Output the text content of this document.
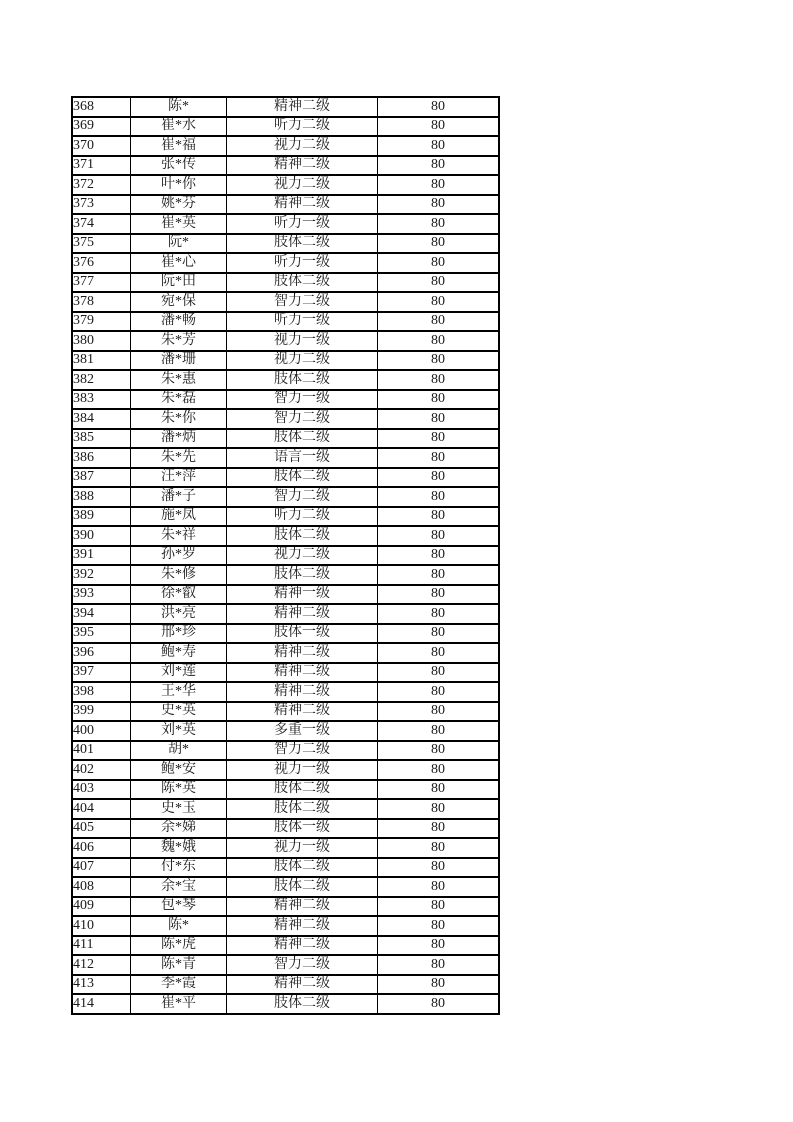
368	陈*	精神二级	80
369	崔*水	听力二级	80
370	崔*福	视力二级	80
371	张*传	精神二级	80
372	叶*你	视力二级	80
373	姚*芬	精神二级	80
374	崔*英	听力一级	80
375	阮*	肢体二级	80
376	崔*心	听力一级	80
377	阮*田	肢体二级	80
378	宛*保	智力二级	80
379	潘*畅	听力一级	80
380	朱*芳	视力一级	80
381	潘*珊	视力二级	80
382	朱*惠	肢体二级	80
383	朱*磊	智力一级	80
384	朱*你	智力二级	80
385	潘*炳	肢体二级	80
386	朱*先	语言一级	80
387	汪*萍	肢体二级	80
388	潘*子	智力二级	80
389	施*凤	听力二级	80
390	朱*祥	肢体二级	80
391	孙*罗	视力二级	80
392	朱*修	肢体二级	80
393	徐*叡	精神一级	80
394	洪*亮	精神二级	80
395	邢*珍	肢体一级	80
396	鲍*寿	精神二级	80
397	刘*莲	精神二级	80
398	王*华	精神二级	80
399	史*英	精神二级	80
400	刘*英	多重一级	80
401	胡*	智力二级	80
402	鲍*安	视力一级	80
403	陈*英	肢体二级	80
404	史*玉	肢体二级	80
405	余*娣	肢体一级	80
406	魏*娥	视力一级	80
407	付*东	肢体二级	80
408	余*宝	肢体二级	80
409	包*琴	精神二级	80
410	陈*	精神二级	80
411	陈*虎	精神二级	80
412	陈*青	智力二级	80
413	李*霞	精神二级	80
414	崔*平	肢体二级	80
